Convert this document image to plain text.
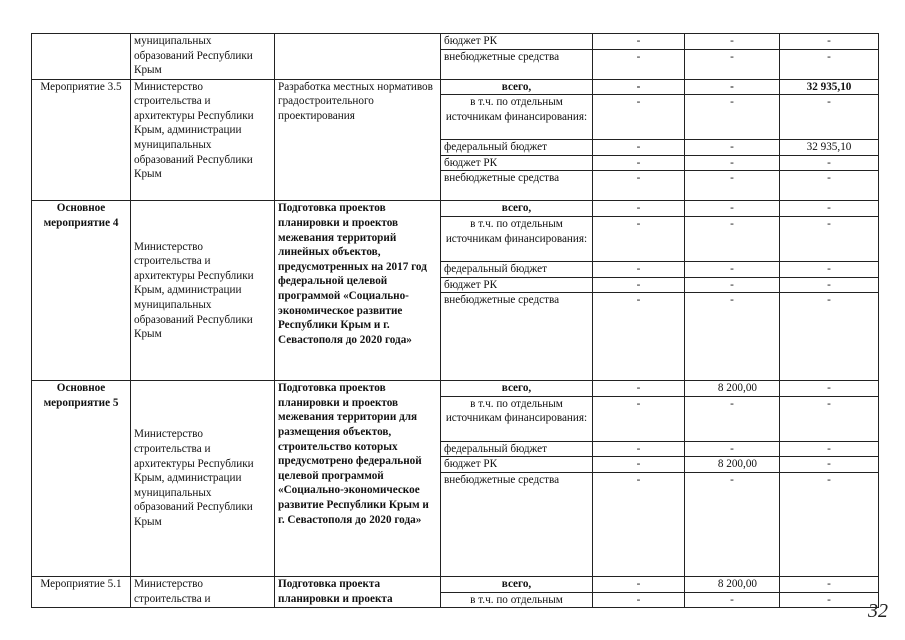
	муниципальных образований Республики Крым		бюджет РК	-	-	-
			внебюджетные средства	-	-	-
Мероприятие 3.5	Министерство строительства и архитектуры Республики Крым, администрации муниципальных образований Республики Крым	Разработка местных нормативов градостроительного проектирования	всего,	-	-	32 935,10
			в т.ч. по отдельным источникам финансирования:	-	-	-
			федеральный бюджет	-	-	32 935,10
			бюджет РК	-	-	-
			внебюджетные средства	-	-	-
Основное мероприятие 4	Министерство строительства и архитектуры Республики Крым, администрации муниципальных образований Республики Крым	Подготовка проектов планировки и проектов межевания территорий линейных объектов, предусмотренных на 2017 год федеральной целевой программой «Социально-экономическое развитие Республики Крым и г. Севастополя до 2020 года»	всего,	-	-	-
			в т.ч. по отдельным источникам финансирования:	-	-	-
			федеральный бюджет	-	-	-
			бюджет РК	-	-	-
			внебюджетные средства	-	-	-
Основное мероприятие 5	Министерство строительства и архитектуры Республики Крым, администрации муниципальных образований Республики Крым	Подготовка проектов планировки и проектов межевания территории для размещения объектов, строительство которых предусмотрено федеральной целевой программой «Социально-экономическое развитие Республики Крым и г. Севастополя до 2020 года»	всего,	-	8 200,00	-
			в т.ч. по отдельным источникам финансирования:	-	-	-
			федеральный бюджет	-	-	-
			бюджет РК	-	8 200,00	-
			внебюджетные средства	-	-	-
Мероприятие 5.1	Министерство строительства и	Подготовка проекта планировки и проекта	всего,	-	8 200,00	-
			в т.ч. по отдельным	-	-	-
32
